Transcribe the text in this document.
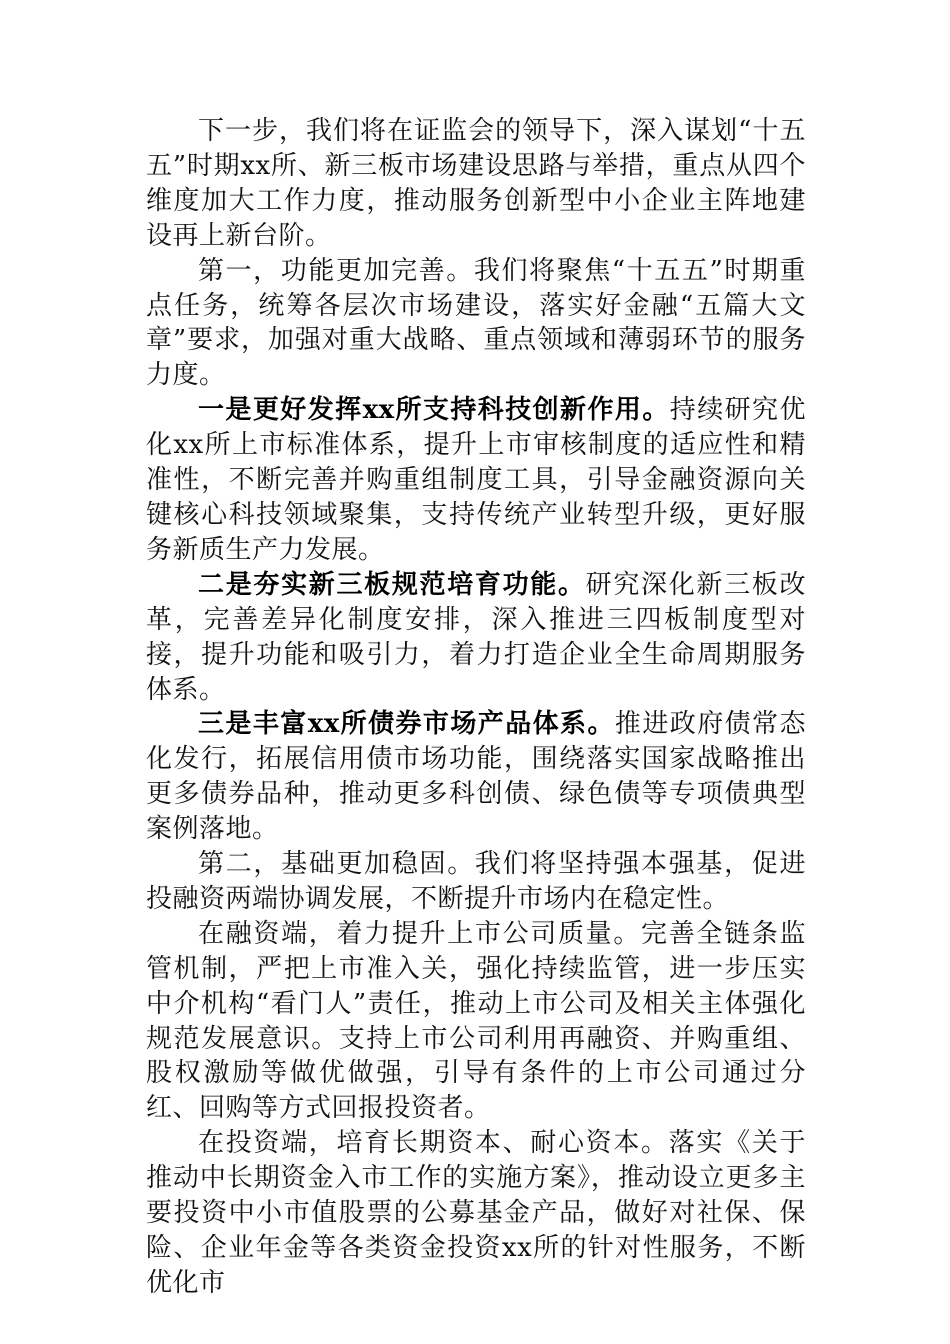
下一步，我们将在证监会的领导下，深入谋划“十五五”时期xx所、新三板市场建设思路与举措，重点从四个维度加大工作力度，推动服务创新型中小企业主阵地建设再上新台阶。

第一，功能更加完善。我们将聚焦“十五五”时期重点任务，统筹各层次市场建设，落实好金融“五篇大文章”要求，加强对重大战略、重点领域和薄弱环节的服务力度。

一是更好发挥xx所支持科技创新作用。持续研究优化xx所上市标准体系，提升上市审核制度的适应性和精准性，不断完善并购重组制度工具，引导金融资源向关键核心科技领域聚集，支持传统产业转型升级，更好服务新质生产力发展。

二是夯实新三板规范培育功能。研究深化新三板改革，完善差异化制度安排，深入推进三四板制度型对接，提升功能和吸引力，着力打造企业全生命周期服务体系。

三是丰富xx所债券市场产品体系。推进政府债常态化发行，拓展信用债市场功能，围绕落实国家战略推出更多债券品种，推动更多科创债、绿色债等专项债典型案例落地。

第二，基础更加稳固。我们将坚持强本强基，促进投融资两端协调发展，不断提升市场内在稳定性。

在融资端，着力提升上市公司质量。完善全链条监管机制，严把上市准入关，强化持续监管，进一步压实中介机构“看门人”责任，推动上市公司及相关主体强化规范发展意识。支持上市公司利用再融资、并购重组、股权激励等做优做强，引导有条件的上市公司通过分红、回购等方式回报投资者。

在投资端，培育长期资本、耐心资本。落实《关于推动中长期资金入市工作的实施方案》，推动设立更多主要投资中小市值股票的公募基金产品，做好对社保、保险、企业年金等各类资金投资xx所的针对性服务，不断优化市
